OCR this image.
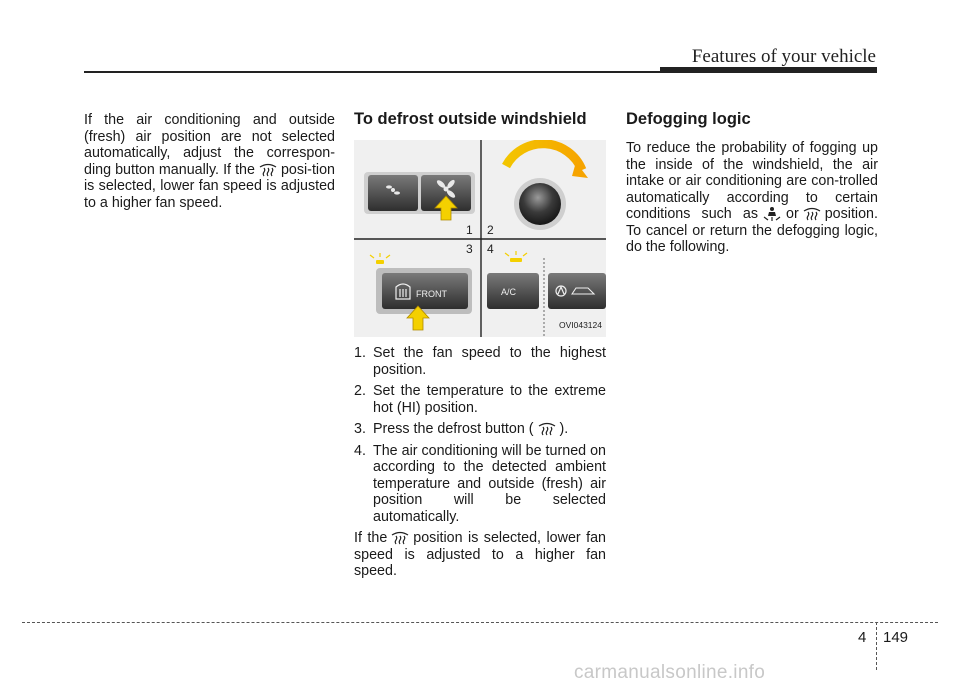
Features of your vehicle

If the air conditioning and outside (fresh) air position are not selected automatically, adjust the correspon-ding button manually. If the posi-tion is selected, lower fan speed is adjusted to a higher fan speed.

To defrost outside windshield
1 2
3 4
FRONT	A/C
OVI043124
1. Set the fan speed to the highest position.
2. Set the temperature to the extreme hot (HI) position.
3. Press the defrost button ( ).
4. The air conditioning will be turned on according to the detected ambient temperature and outside (fresh) air position will be selected automatically.

If the position is selected, lower fan speed is adjusted to a higher fan speed.

Defogging logic

To reduce the probability of fogging up the inside of the windshield, the air intake or air conditioning are con-trolled automatically according to certain conditions such as or position. To cancel or return the defogging logic, do the following.

4 149
carmanualsonline.info
